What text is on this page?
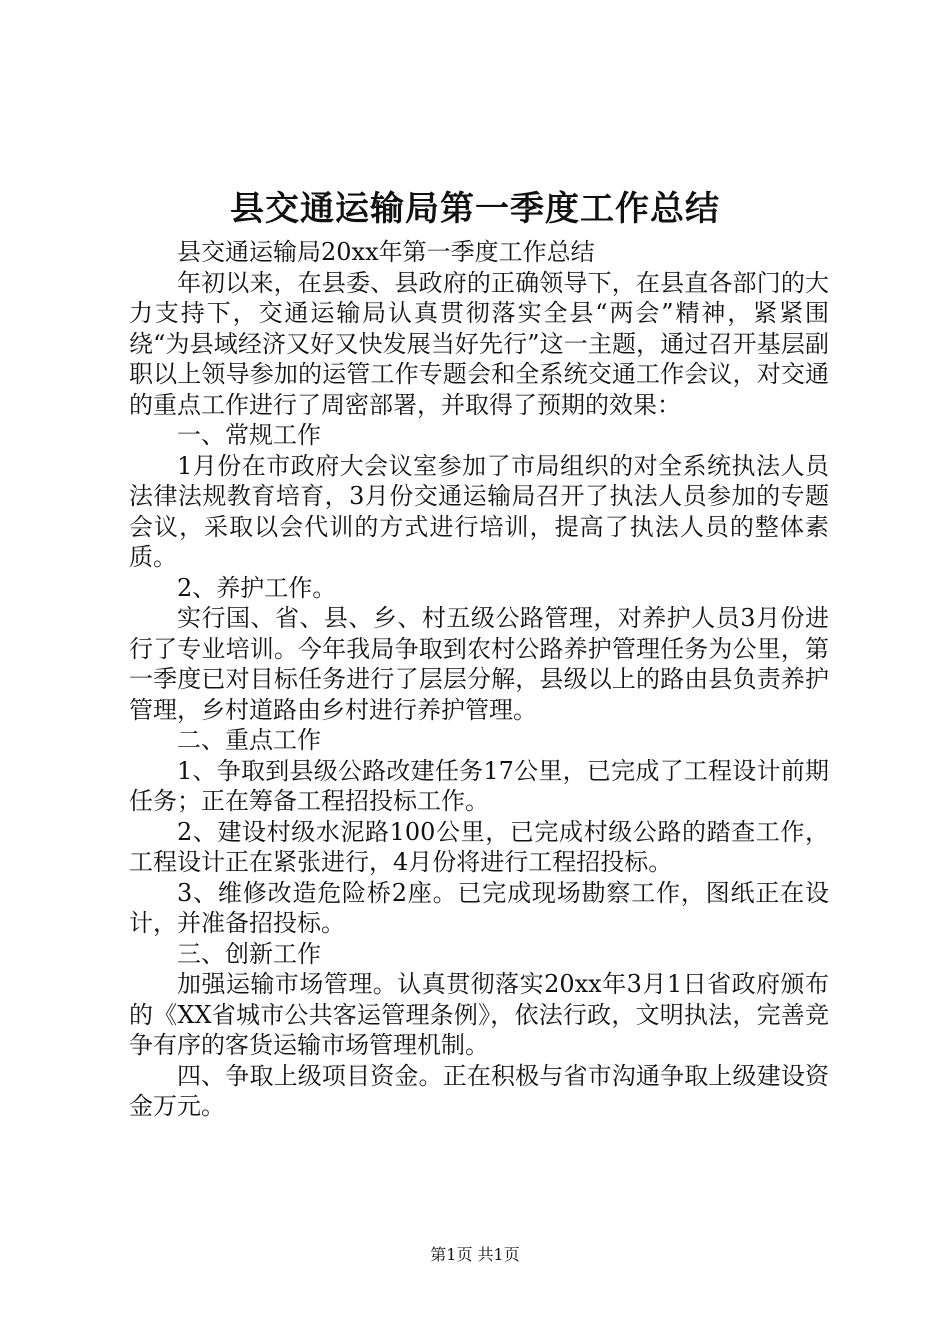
县交通运输局第一季度工作总结

县交通运输局20xx年第一季度工作总结

年初以来，在县委、县政府的正确领导下，在县直各部门的大力支持下，交通运输局认真贯彻落实全县“两会”精神，紧紧围绕“为县域经济又好又快发展当好先行”这一主题，通过召开基层副职以上领导参加的运管工作专题会和全系统交通工作会议，对交通的重点工作进行了周密部署，并取得了预期的效果：

一、常规工作

1月份在市政府大会议室参加了市局组织的对全系统执法人员法律法规教育培育，3月份交通运输局召开了执法人员参加的专题会议，采取以会代训的方式进行培训，提高了执法人员的整体素质。

2、养护工作。

实行国、省、县、乡、村五级公路管理，对养护人员3月份进行了专业培训。今年我局争取到农村公路养护管理任务为公里，第一季度已对目标任务进行了层层分解，县级以上的路由县负责养护管理，乡村道路由乡村进行养护管理。

二、重点工作

1、争取到县级公路改建任务17公里，已完成了工程设计前期任务；正在筹备工程招投标工作。

2、建设村级水泥路100公里，已完成村级公路的踏查工作，工程设计正在紧张进行，4月份将进行工程招投标。

3、维修改造危险桥2座。已完成现场勘察工作，图纸正在设计，并准备招投标。

三、创新工作

加强运输市场管理。认真贯彻落实20xx年3月1日省政府颁布的《XX省城市公共客运管理条例》，依法行政，文明执法，完善竞争有序的客货运输市场管理机制。

四、争取上级项目资金。正在积极与省市沟通争取上级建设资金万元。

第1页 共1页
